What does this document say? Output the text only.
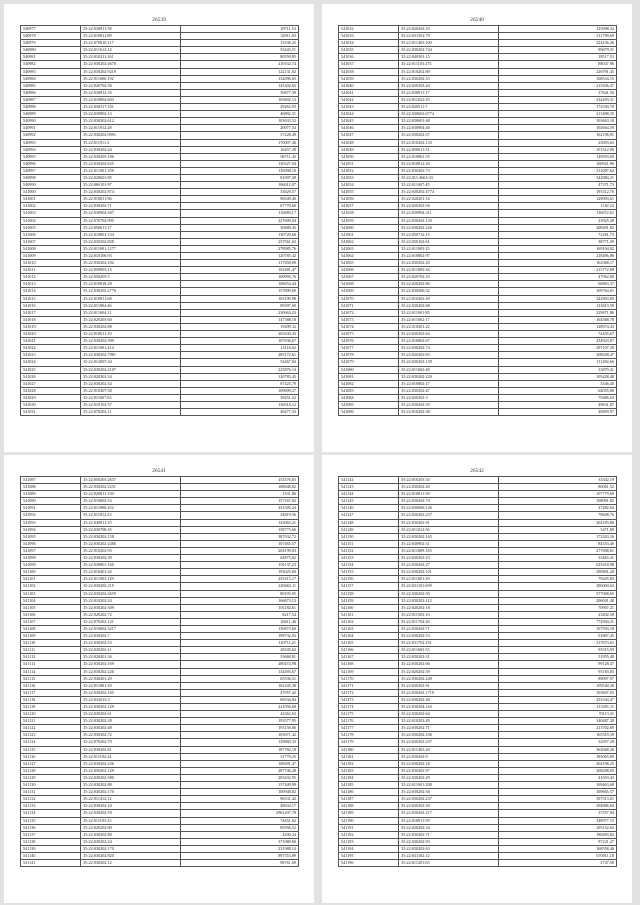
26539
540977	35:22:030811:58	29711,53
540978	35:22:010811:89	32911,03
540979	35:22:070810:117	15336,25
540980	35:22:011612:14	53443,51
540981	35:22:010211:161	80559,85
540982	35:22:030202:4678	210332,74
540983	35:22:030202:9219	122131,02
540984	35:22:011606:192	132096,65
540985	35:22:020702:56	145302,65
540986	35:22:030812:35	36877,39
540987	35:22:010802:603	103602,13
540988	35:22:030517:101	29262,93
540989	35:22:030802:13	46892,31
540990	35:22:030202:612	103633,52
540991	35:22:011912:28	20077,54
540992	35:22:030202:9091	37228,49
540993	35:22:011911:3	170007,46
540994	35:22:030202:44	16457,28
540995	35:22:030205:186	96711,45
540996	35:22:030202:625	130327,04
540997	35:22:011001:358	130098,10
540998	35:22:020601:85	81007,38
540999	35:22:060101:97	106012,07
541000	35:22:030202:874	33629,57
541001	35:22:010811:96	96549,40
541002	35:22:030202:71	67770,60
541003	35:22:030904:307	116683,17
541004	35:22:070702:995	227609,04
541005	35:22:050611:17	30689,45
541006	35:22:010801:134	130729,60
541007	35:22:030202:828	257561,63
541008	35:22:011001:1277	278985,76
541009	35:22:010106:93	120785,42
541010	35:22:030202:102	117650,09
541011	35:22:050903:15	102481,47
541012	35:22:050205:5	100995,76
541013	35:22:010818:28	108454,44
541014	35:22:030202:2776	157809,00
541015	35:22:010811:68	103199,98
541016	35:22:011804:46	89397,60
541017	35:22:011604:11	230663,23
541018	35:22:020203:60	147388,18
541019	35:22:030202:88	19499,32
541020	35:22:010611:19	265430,43
541021	35:22:030202:399	107636,67
541022	35:22:011001:414	14116,62
541023	35:22:030202:7981	285172,61
541024	35:22:012007:44	54467,84
541025	35:22:030202:2107	225876,14
541026	35:22:020302:34	120783,45
541027	35:22:030202:34	87425,79
541028	35:22:010407:58	109699,27
541029	35:22:011607:65	39451,22
541030	35:22:010102:57	136018,12
541031	35:22:070202:11	46477,33
26540
541032	35:22:020202:33	125098,32
541033	35:22:031501:79	311790,69
541034	35:22:011403:100	224236,26
541035	35:22:030202:744	89679,31
541036	35:22:040301:15	18517,53
541037	35:22:011103:273	88047,96
541038	35:22:010202:89	226791,45
541039	35:22:030202:33	168534,15
541040	35:22:020203:44	215436,47
541041	35:22:030811:17	37641,56
541042	35:22:011022:35	334493,31
541043	35:22:020511:7	172550,70
541044	35:22:030602:6774	213498,35
541045	35:22:030601:48	103663,18
541046	35:22:030904:46	102664,59
541047	35:22:030202:57	162196,91
541048	35:22:010202:133	23093,63
541049	35:22:050611:31	101512,06
541050	35:22:010801:55	149593,69
541051	35:22:010812:26	166921,96
541052	35:22:030202:73	212007,62
541053	35:22:011:4663:33	342884,21
541054	35:22:011007:45	47371,73
541055	35:22:030202:4774	193312,76
541056	35:22:020201:16	129093,61
541057	35:22:020202:56	1182,22
541058	35:22:030904:311	136072,61
541059	35:22:030202:133	23925,49
541060	35:22:030202:226	208491,82
541061	35:22:050712:15	72281,73
541062	35:22:050102:61	38771,29
541063	35:22:011003:25	169194,02
541064	35:22:010802:97	218496,86
541065	35:22:030202:20	162368,17
541066	35:22:011805:34	213772,89
541067	35:22:020702:33	47962,00
541068	35:22:020202:86	66863,37
541069	35:22:030206:32	109764,61
541070	35:22:010202:49	242903,85
541071	35:22:030202:68	133819,59
541072	35:22:011001:85	229871,86
541073	35:22:011602:17	164568,78
541074	35:22:010201:22	128974,43
541075	35:22:030202:64	74435,67
541076	35:22:010802:67	234923,07
541077	35:22:030202:74	297107,38
541078	35:22:020202:83	208028,47
541079	35:22:030202:139	111492,66
541080	35:22:011602:48	33879,41
541081	35:22:030202:220	105428,48
541082	35:22:010802:17	3346,45
541083	35:22:030202:47	64055,80
541084	35:22:020202:3	79486,63
541085	35:22:030202:35	49631,87
541086	35:22:010202:38	40859,97
26541
541087	35:22:050203:2637	233576,65
541088	35:22:030202:2231	108048,82
541089	35:22:020811:150	1531,86
541090	35:22:010602:53	157167,02
541091	35:22:011806:252	231305,24
541092	35:22:011812:23	24819,56
541093	35:22:040811:35	143063,21
541094	35:22:030708:45	158775,66
541095	35:22:030202:158	387032,72
541096	35:22:030202:2466	107465,57
541097	35:22:010202:93	204199,03
541098	35:22:030202:39	64875,02
541099	35:22:030801:160	101137,23
541100	35:22:010401:42	193025,60
541101	35:22:011003:129	255213,17
541102	35:22:030202:219	245663,11
541103	35:22:030202:2659	80193,05
541104	35:22:010202:24	166673,13
541105	35:22:030202:309	101182,61
541106	35:22:020202:72	8217,54
541107	35:22:070202:121	26611,46
541108	35:22:010602:3217	136873,60
541109	35:22:030202:7	199732,92
541110	35:22:030202:53	120711,21
541111	35:22:030202:11	28345,62
541112	35:22:020401:36	33668,81
541113	35:22:030202:169	280474,98
541114	35:22:030202:226	134493,67
541115	35:22:040401:29	65536,51
541116	35:22:011801:18	162345,38
541117	35:22:030202:165	47057,42
541118	35:22:032013:3	68334,84
541119	35:22:030202:129	221056,60
541120	35:22:030202:61	42362,63
541121	35:22:030202:28	193577,95
541122	35:22:030202:48	193150,06
541123	35:22:030302:72	103071,42
541124	35:22:070202:79	129869,33
541125	35:22:030202:81	187782,18
541126	35:22:011102:24	31779,25
541127	35:22:030202:236	108491,47
541128	35:22:050202:129	287746,28
541129	35:22:030202:580	205432,95
541130	35:22:030202:88	157449,99
541131	35:22:030202:170	100948,82
541132	35:22:011412:12	96531,42
541133	35:22:030202:10	48634,17
541134	35:22:030202:59	2961207,78
541135	35:22:011103:23	74451,02
541136	35:22:020202:90	85956,52
541137	35:22:030202:80	4200,24
541138	35:22:030202:24	371080,60
541139	35:22:030202:170	231988,14
541140	35:22:030202:820	897353,89
541141	35:22:030202:12	98761,69
26542
541142	35:22:010203:35	33342,19
541143	35:22:030202:40	86061,52
541144	35:22:010811:58	107779,69
541145	35:22:030202:74	108091,82
541146	35:22:030606:126	27482,64
541147	35:22:020202:237	78608,76
541148	35:22:030202:91	204183,86
541149	35:22:011012:56	5471,09
541150	35:22:030202:165	172343,16
541151	35:22:030902:31	84353,40
541152	35:22:011809:165	277608,61
541153	35:22:030202:23	33465,41
541154	35:22:030202:27	625418,98
541155	35:22:030202:101	290801,20
541156	35:22:011601:29	79445,83
541157	35:22:031101:659	296004,64
541158	35:22:030202:50	577008,65
541159	35:22:030202:112	206041,48
541160	35:22:020202:18	70907,21
541161	35:22:011503:10	23492,58
541162	35:22:011704:26	772904,31
541163	35:22:030202:71	107593,18
541164	35:22:030202:53	91867,45
541165	35:22:031702:251	217673,61
541166	35:22:011603:53	93315,93
541167	35:22:030202:31	51955,48
541168	35:22:030202:66	99128,37
541169	35:22:020202:59	93183,03
541170	35:22:030202:249	89097,97
541171	35:22:030202:91	109540,30
541172	35:22:030202:1710	103607,03
541173	35:22:030202:48	253344,47
541174	35:22:030204:163	215291,11
541175	35:22:030202:64	70113,41
541176	35:22:010203:49	340487,28
541177	35:22:030202:71	213702,69
541178	35:22:030202:106	165319,39
541179	35:22:030202:237	32957,28
541180	35:22:011403:28	362668,26
541181	35:22:030202:9	185065,09
541182	35:22:030202:18	304198,25
541183	35:22:030202:97	208298,05
541184	35:22:030202:29	41653,43
541185	35:22:011001:208	169463,68
541186	35:22:030202:36	169665,57
541187	35:22:030202:237	397513,01
541188	35:22:030202:30	294886,04
541189	35:22:030202:217	37557,94
541190	35:22:010811:59	348977,15
541191	35:22:020202:34	105152,63
541192	35:22:030202:71	180493,82
541193	35:22:030202:93	97221,27
541194	35:22:030202:63	168558,46
541195	35:22:031102:12	670011,18
541196	35:22:011201:63	2747,58
